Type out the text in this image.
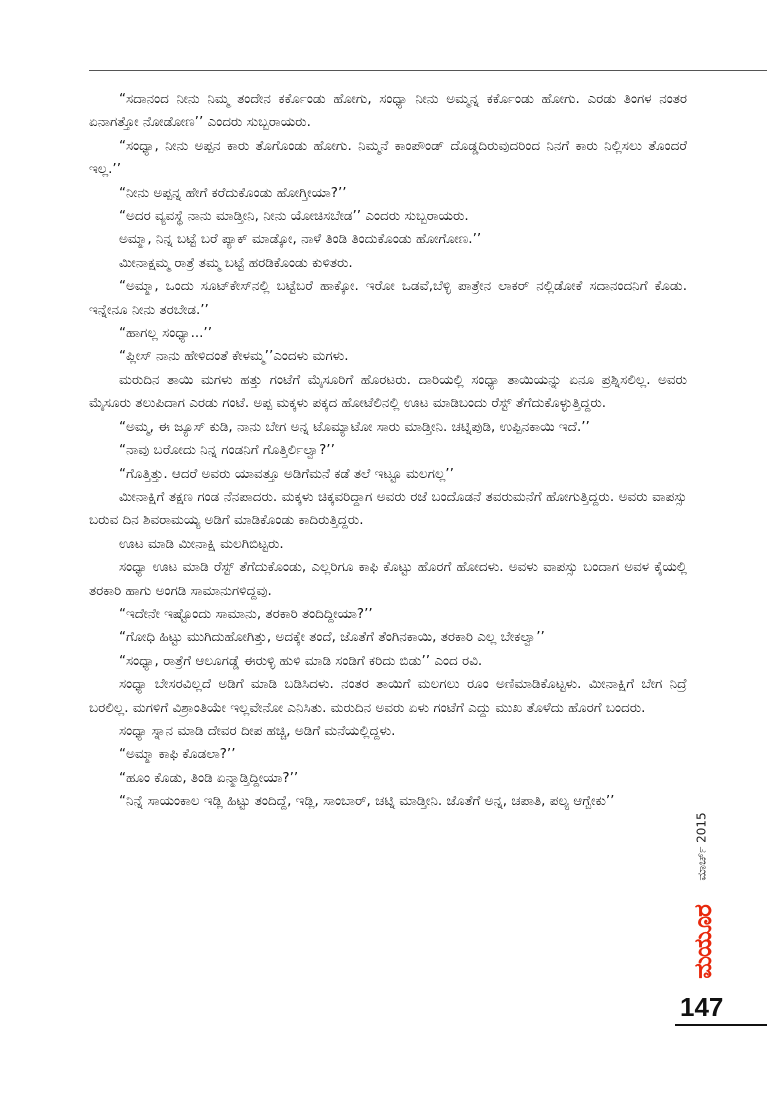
“ಸದಾನಂದ ನೀನು ನಿಮ್ಮ ತಂದೇನ ಕರ್ಕೊಂಡು ಹೋಗು, ಸಂಧ್ಯಾ ನೀನು ಅಮ್ಮನ್ನ ಕರ್ಕೊಂಡು ಹೋಗು. ಎರಡು ತಿಂಗಳ ನಂತರ ಏನಾಗತ್ತೋ ನೋಡೋಣ’’ ಎಂದರು ಸುಬ್ಬರಾಯರು.

“ಸಂಧ್ಯಾ, ನೀನು ಅಪ್ಪನ ಕಾರು ತೊಗೊಂಡು ಹೋಗು. ನಿಮ್ಮನೆ ಕಾಂಪೌಂಡ್ ದೊಡ್ಡದಿರುವುದರಿಂದ ನಿನಗೆ ಕಾರು ನಿಲ್ಲಿಸಲು ತೊಂದರೆ ಇಲ್ಲ.’’

“ನೀನು ಅಪ್ಪನ್ನ ಹೇಗೆ ಕರೆದುಕೊಂಡು ಹೋಗ್ತೀಯಾ?’’

“ಅದರ ವ್ಯವಸ್ಥೆ ನಾನು ಮಾಡ್ತೀನಿ, ನೀನು ಯೋಚಿಸಬೇಡ’’ ಎಂದರು ಸುಬ್ಬರಾಯರು.

ಅಮ್ಮಾ, ನಿನ್ನ ಬಟ್ಟೆ ಬರೆ ಪ್ಯಾಕ್ ಮಾಡ್ಕೋ, ನಾಳೆ ತಿಂಡಿ ತಿಂದುಕೊಂಡು ಹೋಗೋಣ.’’

ಮೀನಾಕ್ಷಮ್ಮ ರಾತ್ರೆ ತಮ್ಮ ಬಟ್ಟೆ ಹರಡಿಕೊಂಡು ಕುಳಿತರು.

“ಅಮ್ಮಾ, ಒಂದು ಸೂಟ್‌ಕೇಸ್‌ನಲ್ಲಿ ಬಟ್ಟೆಬರೆ ಹಾಕ್ಕೋ. ಇರೋ ಒಡವೆ,ಬೆಳ್ಳಿ ಪಾತ್ರೇನ ಲಾಕರ್ ನಲ್ಲಿಡೋಕೆ ಸದಾನಂದನಿಗೆ ಕೊಡು. ಇನ್ನೇನೂ ನೀನು ತರಬೇಡ.’’

“ಹಾಗಲ್ಲ ಸಂಧ್ಯಾ...’’

“ಪ್ಲೀಸ್ ನಾನು ಹೇಳಿದಂತೆ ಕೇಳಮ್ಮ’’ಎಂದಳು ಮಗಳು.

ಮರುದಿನ ತಾಯಿ ಮಗಳು ಹತ್ತು ಗಂಟೆಗೆ ಮೈಸೂರಿಗೆ ಹೊರಟರು. ದಾರಿಯಲ್ಲಿ ಸಂಧ್ಯಾ ತಾಯಿಯನ್ನು ಏನೂ ಪ್ರಶ್ನಿಸಲಿಲ್ಲ. ಅವರು ಮೈಸೂರು ತಲುಪಿದಾಗ ಎರಡು ಗಂಟೆ. ಅಪ್ಪ ಮಕ್ಕಳು ಪಕ್ಕದ ಹೋಟೆಲಿನಲ್ಲಿ ಊಟ ಮಾಡಿಬಂದು ರೆಸ್ಟ್ ತೆಗೆದುಕೊಳ್ಳುತ್ತಿದ್ದರು.

“ಅಮ್ಮ, ಈ ಜ್ಯೂಸ್ ಕುಡಿ, ನಾನು ಬೇಗ ಅನ್ನ ಟೊಮ್ಯಾಟೋ ಸಾರು ಮಾಡ್ತೀನಿ. ಚಟ್ನಿಪುಡಿ, ಉಪ್ಪಿನಕಾಯಿ ಇದೆ.’’

“ನಾವು ಬರೋದು ನಿನ್ನ ಗಂಡನಿಗೆ ಗೊತ್ತಿರ್ಲಿಲ್ವಾ?’’

“ಗೊತ್ತಿತ್ತು. ಆದರೆ ಅವರು ಯಾವತ್ತೂ ಅಡಿಗೆಮನೆ ಕಡೆ ತಲೆ ಇಟ್ಟೂ ಮಲಗಲ್ಲ’’

ಮೀನಾಕ್ಷಿಗೆ ತಕ್ಷಣ ಗಂಡ ನೆನಪಾದರು. ಮಕ್ಕಳು ಚಿಕ್ಕವರಿದ್ದಾಗ ಅವರು ರಜೆ ಬಂದೊಡನೆ ತವರುಮನೆಗೆ ಹೋಗುತ್ತಿದ್ದರು. ಅವರು ವಾಪಸ್ಸು ಬರುವ ದಿನ ಶಿವರಾಮಯ್ಯ ಅಡಿಗೆ ಮಾಡಿಕೊಂಡು ಕಾದಿರುತ್ತಿದ್ದರು.

ಊಟ ಮಾಡಿ ಮೀನಾಕ್ಷಿ ಮಲಗಿಬಿಟ್ಟರು.

ಸಂಧ್ಯಾ ಊಟ ಮಾಡಿ ರೆಸ್ಟ್ ತೆಗೆದುಕೊಂಡು, ಎಲ್ಲರಿಗೂ ಕಾಫಿ ಕೊಟ್ಟು ಹೊರಗೆ ಹೋದಳು. ಅವಳು ವಾಪಸ್ಸು ಬಂದಾಗ ಅವಳ ಕೈಯಲ್ಲಿ ತರಕಾರಿ ಹಾಗು ಅಂಗಡಿ ಸಾಮಾನುಗಳಿದ್ದವು.

“ಇದೇನೇ ಇಷ್ಟೊಂದು ಸಾಮಾನು, ತರಕಾರಿ ತಂದಿದ್ದೀಯಾ?’’

“ಗೋಧಿ ಹಿಟ್ಟು ಮುಗಿದುಹೋಗಿತ್ತು, ಅದಕ್ಕೇ ತಂದೆ, ಜೊತೆಗೆ ತೆಂಗಿನಕಾಯಿ, ತರಕಾರಿ ಎಲ್ಲ ಬೇಕಲ್ವಾ’’

“ಸಂಧ್ಯಾ, ರಾತ್ರೆಗೆ ಆಲೂಗಡ್ಡೆ ಈರುಳ್ಳಿ ಹುಳಿ ಮಾಡಿ ಸಂಡಿಗೆ ಕರಿದು ಬಿಡು’’ ಎಂದ ರವಿ.

ಸಂಧ್ಯಾ ಬೇಸರವಿಲ್ಲದೆ ಅಡಿಗೆ ಮಾಡಿ ಬಡಿಸಿದಳು. ನಂತರ ತಾಯಿಗೆ ಮಲಗಲು ರೂಂ ಅಣಿಮಾಡಿಕೊಟ್ಟಳು. ಮೀನಾಕ್ಷಿಗೆ ಬೇಗ ನಿದ್ರೆ ಬರಲಿಲ್ಲ. ಮಗಳಿಗೆ ವಿಶ್ರಾಂತಿಯೇ ಇಲ್ಲವೇನೋ ಎನಿಸಿತು. ಮರುದಿನ ಅವರು ಏಳು ಗಂಟೆಗೆ ಎದ್ದು ಮುಖ ತೊಳೆದು ಹೊರಗೆ ಬಂದರು.

ಸಂಧ್ಯಾ ಸ್ನಾನ ಮಾಡಿ ದೇವರ ದೀಪ ಹಚ್ಚಿ, ಅಡಿಗೆ ಮನೆಯಲ್ಲಿದ್ದಳು.

“ಅಮ್ಮಾ ಕಾಫಿ ಕೊಡಲಾ?’’

“ಹೂಂ ಕೊಡು, ತಿಂಡಿ ಏನ್ಮಾಡ್ತಿದ್ದೀಯಾ?’’

“ನಿನ್ನೆ ಸಾಯಂಕಾಲ ಇಡ್ಲಿ ಹಿಟ್ಟು ತಂದಿದ್ದೆ, ಇಡ್ಲಿ, ಸಾಂಬಾರ್, ಚಟ್ನಿ ಮಾಡ್ತೀನಿ. ಜೊತೆಗೆ ಅನ್ನ, ಚಪಾತಿ, ಪಲ್ಯ ಆಗ್ಬೇಕು’’

ಮಾರ್ಚ್ 2015
ಮಯೂರ
147
